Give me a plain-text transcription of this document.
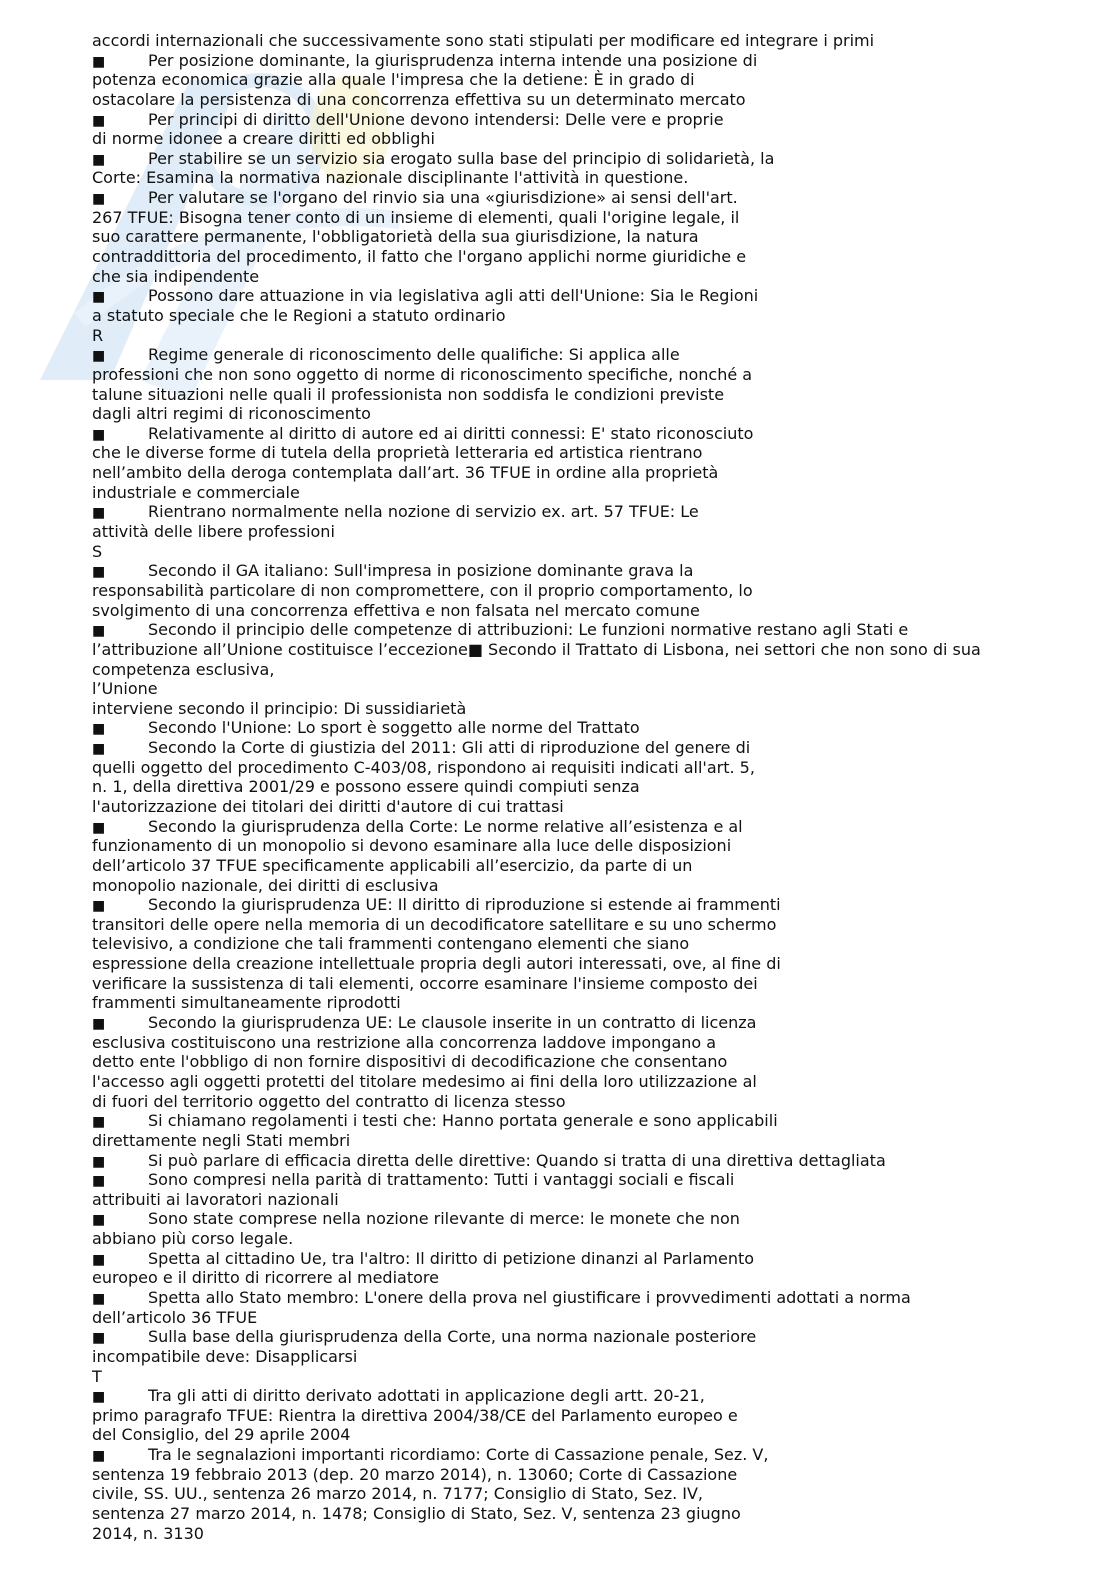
accordi internazionali che successivamente sono stati stipulati per modificare ed integrare i primi
■	Per posizione dominante, la giurisprudenza interna intende una posizione di
potenza economica grazie alla quale l'impresa che la detiene: È in grado di
ostacolare la persistenza di una concorrenza effettiva su un determinato mercato
■	Per principi di diritto dell'Unione devono intendersi: Delle vere e proprie
di norme idonee a creare diritti ed obblighi
■	Per stabilire se un servizio sia erogato sulla base del principio di solidarietà, la
Corte: Esamina la normativa nazionale disciplinante l'attività in questione.
■	Per valutare se l'organo del rinvio sia una «giurisdizione» ai sensi dell'art.
267 TFUE: Bisogna tener conto di un insieme di elementi, quali l'origine legale, il
suo carattere permanente, l'obbligatorietà della sua giurisdizione, la natura
contraddittoria del procedimento, il fatto che l'organo applichi norme giuridiche e
che sia indipendente
■	Possono dare attuazione in via legislativa agli atti dell'Unione: Sia le Regioni
a statuto speciale che le Regioni a statuto ordinario
R
■	Regime generale di riconoscimento delle qualifiche: Si applica alle
professioni che non sono oggetto di norme di riconoscimento specifiche, nonché a
talune situazioni nelle quali il professionista non soddisfa le condizioni previste
dagli altri regimi di riconoscimento
■	Relativamente al diritto di autore ed ai diritti connessi: E' stato riconosciuto
che le diverse forme di tutela della proprietà letteraria ed artistica rientrano
nell’ambito della deroga contemplata dall’art. 36 TFUE in ordine alla proprietà
industriale e commerciale
■	Rientrano normalmente nella nozione di servizio ex. art. 57 TFUE: Le
attività delle libere professioni
S
■	Secondo il GA italiano: Sull'impresa in posizione dominante grava la
responsabilità particolare di non compromettere, con il proprio comportamento, lo
svolgimento di una concorrenza effettiva e non falsata nel mercato comune
■	Secondo il principio delle competenze di attribuzioni: Le funzioni normative restano agli Stati e
l’attribuzione all’Unione costituisce l’eccezione■ Secondo il Trattato di Lisbona, nei settori che non sono di sua
competenza esclusiva,
l’Unione
interviene secondo il principio: Di sussidiarietà
■	Secondo l'Unione: Lo sport è soggetto alle norme del Trattato
■	Secondo la Corte di giustizia del 2011: Gli atti di riproduzione del genere di
quelli oggetto del procedimento C-403/08, rispondono ai requisiti indicati all'art. 5,
n. 1, della direttiva 2001/29 e possono essere quindi compiuti senza
l'autorizzazione dei titolari dei diritti d'autore di cui trattasi
■	Secondo la giurisprudenza della Corte: Le norme relative all’esistenza e al
funzionamento di un monopolio si devono esaminare alla luce delle disposizioni
dell’articolo 37 TFUE specificamente applicabili all’esercizio, da parte di un
monopolio nazionale, dei diritti di esclusiva
■	Secondo la giurisprudenza UE: Il diritto di riproduzione si estende ai frammenti
transitori delle opere nella memoria di un decodificatore satellitare e su uno schermo
televisivo, a condizione che tali frammenti contengano elementi che siano
espressione della creazione intellettuale propria degli autori interessati, ove, al fine di
verificare la sussistenza di tali elementi, occorre esaminare l'insieme composto dei
frammenti simultaneamente riprodotti
■	Secondo la giurisprudenza UE: Le clausole inserite in un contratto di licenza
esclusiva costituiscono una restrizione alla concorrenza laddove impongano a
detto ente l'obbligo di non fornire dispositivi di decodificazione che consentano
l'accesso agli oggetti protetti del titolare medesimo ai fini della loro utilizzazione al
di fuori del territorio oggetto del contratto di licenza stesso
■	Si chiamano regolamenti i testi che: Hanno portata generale e sono applicabili
direttamente negli Stati membri
■	Si può parlare di efficacia diretta delle direttive: Quando si tratta di una direttiva dettagliata
■	Sono compresi nella parità di trattamento: Tutti i vantaggi sociali e fiscali
attribuiti ai lavoratori nazionali
■	Sono state comprese nella nozione rilevante di merce: le monete che non
abbiano più corso legale.
■	Spetta al cittadino Ue, tra l'altro: Il diritto di petizione dinanzi al Parlamento
europeo e il diritto di ricorrere al mediatore
■	Spetta allo Stato membro: L'onere della prova nel giustificare i provvedimenti adottati a norma
dell’articolo 36 TFUE
■	Sulla base della giurisprudenza della Corte, una norma nazionale posteriore
incompatibile deve: Disapplicarsi
T
■	Tra gli atti di diritto derivato adottati in applicazione degli artt. 20-21,
primo paragrafo TFUE: Rientra la direttiva 2004/38/CE del Parlamento europeo e
del Consiglio, del 29 aprile 2004
■	Tra le segnalazioni importanti ricordiamo: Corte di Cassazione penale, Sez. V,
sentenza 19 febbraio 2013 (dep. 20 marzo 2014), n. 13060; Corte di Cassazione
civile, SS. UU., sentenza 26 marzo 2014, n. 7177; Consiglio di Stato, Sez. IV,
sentenza 27 marzo 2014, n. 1478; Consiglio di Stato, Sez. V, sentenza 23 giugno
2014, n. 3130
